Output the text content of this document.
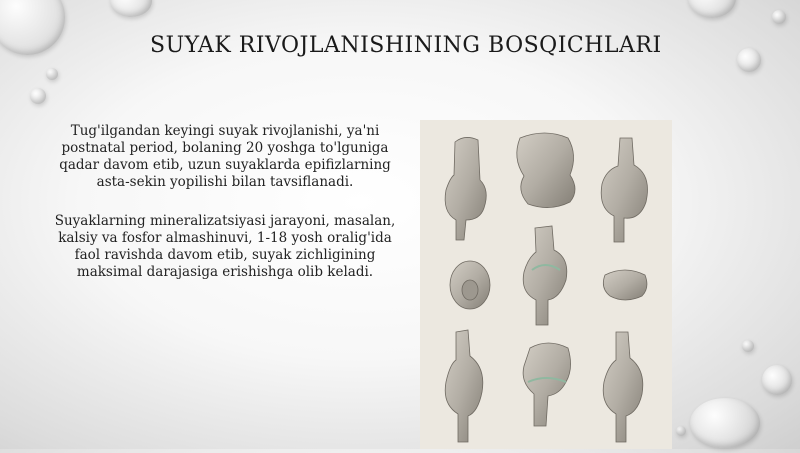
SUYAK RIVOJLANISHINING BOSQICHLARI

Tug'ilgandan keyingi suyak rivojlanishi, ya'ni postnatal period, bolaning 20 yoshga to'lguniga qadar davom etib, uzun suyaklarda epifizlarning asta-sekin yopilishi bilan tavsiflanadi.

Suyaklarning mineralizatsiyasi jarayoni, masalan, kalsiy va fosfor almashinuvi, 1-18 yosh oralig'ida faol ravishda davom etib, suyak zichligining maksimal darajasiga erishishga olib keladi.
